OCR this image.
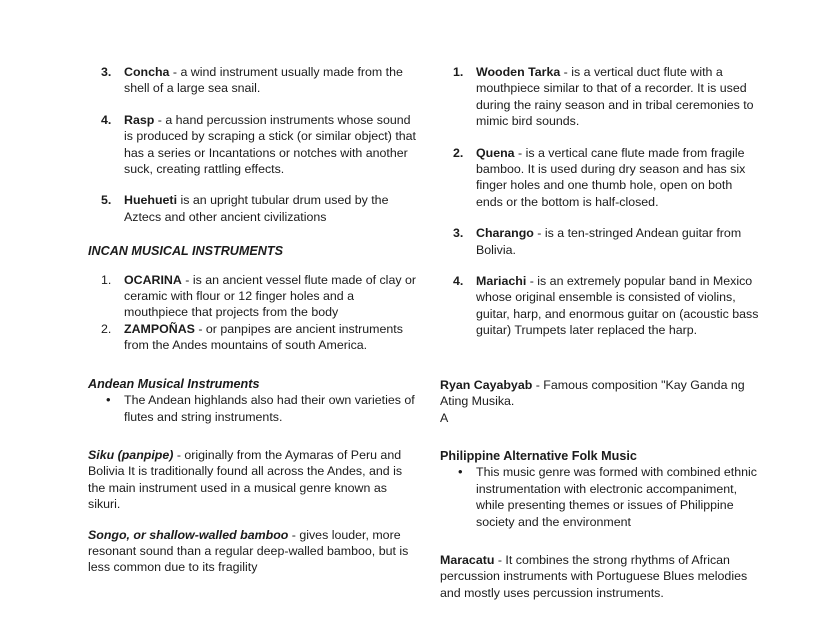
3.	Concha - a wind instrument usually made from the shell of a large sea snail.
4.	Rasp - a hand percussion instruments whose sound is produced by scraping a stick (or similar object) that has a series or Incantations or notches with another suck, creating rattling effects.
5.	Huehueti is an upright tubular drum used by the Aztecs and other ancient civilizations

INCAN MUSICAL INSTRUMENTS

1.	OCARINA - is an ancient vessel flute made of clay or ceramic with flour or 12 finger holes and a mouthpiece that projects from the body
2.	ZAMPOÑAS - or panpipes are ancient instruments from the Andes mountains of south America.

Andean Musical Instruments

• The Andean highlands also had their own varieties of flutes and string instruments.

Siku (panpipe) - originally from the Aymaras of Peru and Bolivia It is traditionally found all across the Andes, and is the main instrument used in a musical genre known as sikuri.

Songo, or shallow-walled bamboo - gives louder, more resonant sound than a regular deep-walled bamboo, but is less common due to its fragility

1.	Wooden Tarka - is a vertical duct flute with a mouthpiece similar to that of a recorder. It is used during the rainy season and in tribal ceremonies to mimic bird sounds.
2.	Quena - is a vertical cane flute made from fragile bamboo. It is used during dry season and has six finger holes and one thumb hole, open on both ends or the bottom is half-closed.
3.	Charango - is a ten-stringed Andean guitar from Bolivia.
4.	Mariachi - is an extremely popular band in Mexico whose original ensemble is consisted of violins, guitar, harp, and enormous guitar on (acoustic bass guitar) Trumpets later replaced the harp.

Ryan Cayabyab - Famous composition "Kay Ganda ng Ating Musika.

A

Philippine Alternative Folk Music

• This music genre was formed with combined ethnic instrumentation with electronic accompaniment, while presenting themes or issues of Philippine society and the environment

Maracatu - It combines the strong rhythms of African percussion instruments with Portuguese Blues melodies and mostly uses percussion instruments.
